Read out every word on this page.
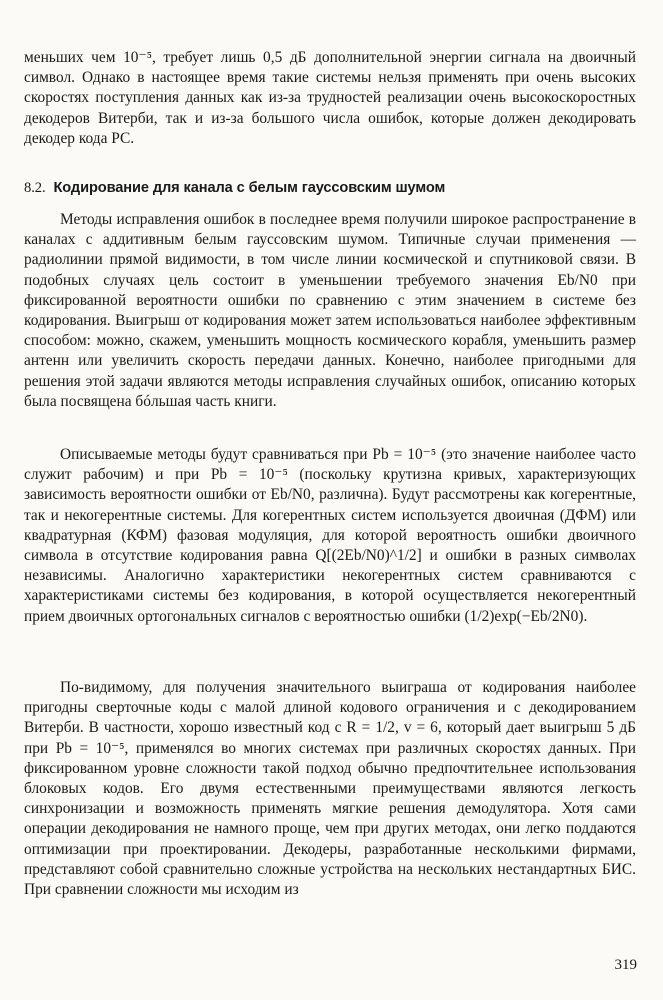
меньших чем 10⁻⁵, требует лишь 0,5 дБ дополнительной энергии сигнала на двоичный символ. Однако в настоящее время такие системы нельзя применять при очень высоких скоростях поступления данных как из-за трудностей реализации очень высокоскоростных декодеров Витерби, так и из-за большого числа ошибок, которые должен декодировать декодер кода РС.

8.2. Кодирование для канала с белым гауссовским шумом

Методы исправления ошибок в последнее время получили широкое распространение в каналах с аддитивным белым гауссовским шумом. Типичные случаи применения — радиолинии прямой видимости, в том числе линии космической и спутниковой связи. В подобных случаях цель состоит в уменьшении требуемого значения Eb/N0 при фиксированной вероятности ошибки по сравнению с этим значением в системе без кодирования. Выигрыш от кодирования может затем использоваться наиболее эффективным способом: можно, скажем, уменьшить мощность космического корабля, уменьшить размер антенн или увеличить скорость передачи данных. Конечно, наиболее пригодными для решения этой задачи являются методы исправления случайных ошибок, описанию которых была посвящена бóльшая часть книги.

Описываемые методы будут сравниваться при Pb = 10⁻⁵ (это значение наиболее часто служит рабочим) и при Pb = 10⁻⁵ (поскольку крутизна кривых, характеризующих зависимость вероятности ошибки от Eb/N0, различна). Будут рассмотрены как когерентные, так и некогерентные системы. Для когерентных систем используется двоичная (ДФМ) или квадратурная (КФМ) фазовая модуляция, для которой вероятность ошибки двоичного символа в отсутствие кодирования равна Q[(2Eb/N0)^1/2] и ошибки в разных символах независимы. Аналогично характеристики некогерентных систем сравниваются с характеристиками системы без кодирования, в которой осуществляется некогерентный прием двоичных ортогональных сигналов с вероятностью ошибки (1/2)exp(−Eb/2N0).

По-видимому, для получения значительного выиграша от кодирования наиболее пригодны сверточные коды с малой длиной кодового ограничения и с декодированием Витерби. В частности, хорошо известный код с R = 1/2, v = 6, который дает выигрыш 5 дБ при Pb = 10⁻⁵, применялся во многих системах при различных скоростях данных. При фиксированном уровне сложности такой подход обычно предпочтительнее использования блоковых кодов. Его двумя естественными преимуществами являются легкость синхронизации и возможность применять мягкие решения демодулятора. Хотя сами операции декодирования не намного проще, чем при других методах, они легко поддаются оптимизации при проектировании. Декодеры, разработанные несколькими фирмами, представляют собой сравнительно сложные устройства на нескольких нестандартных БИС. При сравнении сложности мы исходим из

319
